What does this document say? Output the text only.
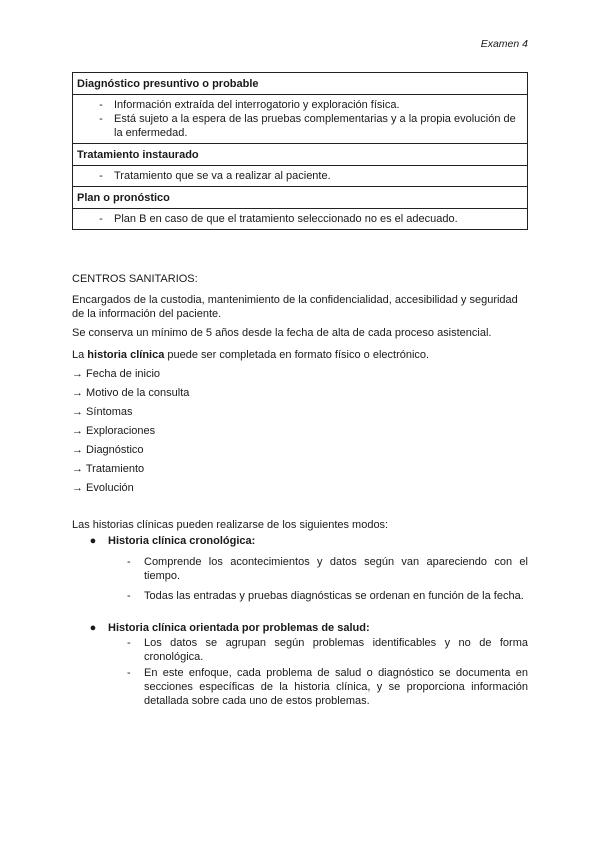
Examen 4
Diagnóstico presuntivo o probable
-	Información extraída del interrogatorio y exploración física.
-	Está sujeto a la espera de las pruebas complementarias y a la propia evolución de la enfermedad.
Tratamiento instaurado
-	Tratamiento que se va a realizar al paciente.
Plan o pronóstico
-	Plan B en caso de que el tratamiento seleccionado no es el adecuado.

CENTROS SANITARIOS:

Encargados de la custodia, mantenimiento de la confidencialidad, accesibilidad y seguridad de la información del paciente.

Se conserva un mínimo de 5 años desde la fecha de alta de cada proceso asistencial.

La historia clínica puede ser completada en formato físico o electrónico.

→ Fecha de inicio
→ Motivo de la consulta
→ Síntomas
→ Exploraciones
→ Diagnóstico
→ Tratamiento
→ Evolución

Las historias clínicas pueden realizarse de los siguientes modos:

●	Historia clínica cronológica:
-	Comprende los acontecimientos y datos según van apareciendo con el tiempo.
-	Todas las entradas y pruebas diagnósticas se ordenan en función de la fecha.
●	Historia clínica orientada por problemas de salud:
-	Los datos se agrupan según problemas identificables y no de forma cronológica.
-	En este enfoque, cada problema de salud o diagnóstico se documenta en secciones específicas de la historia clínica, y se proporciona información detallada sobre cada uno de estos problemas.
